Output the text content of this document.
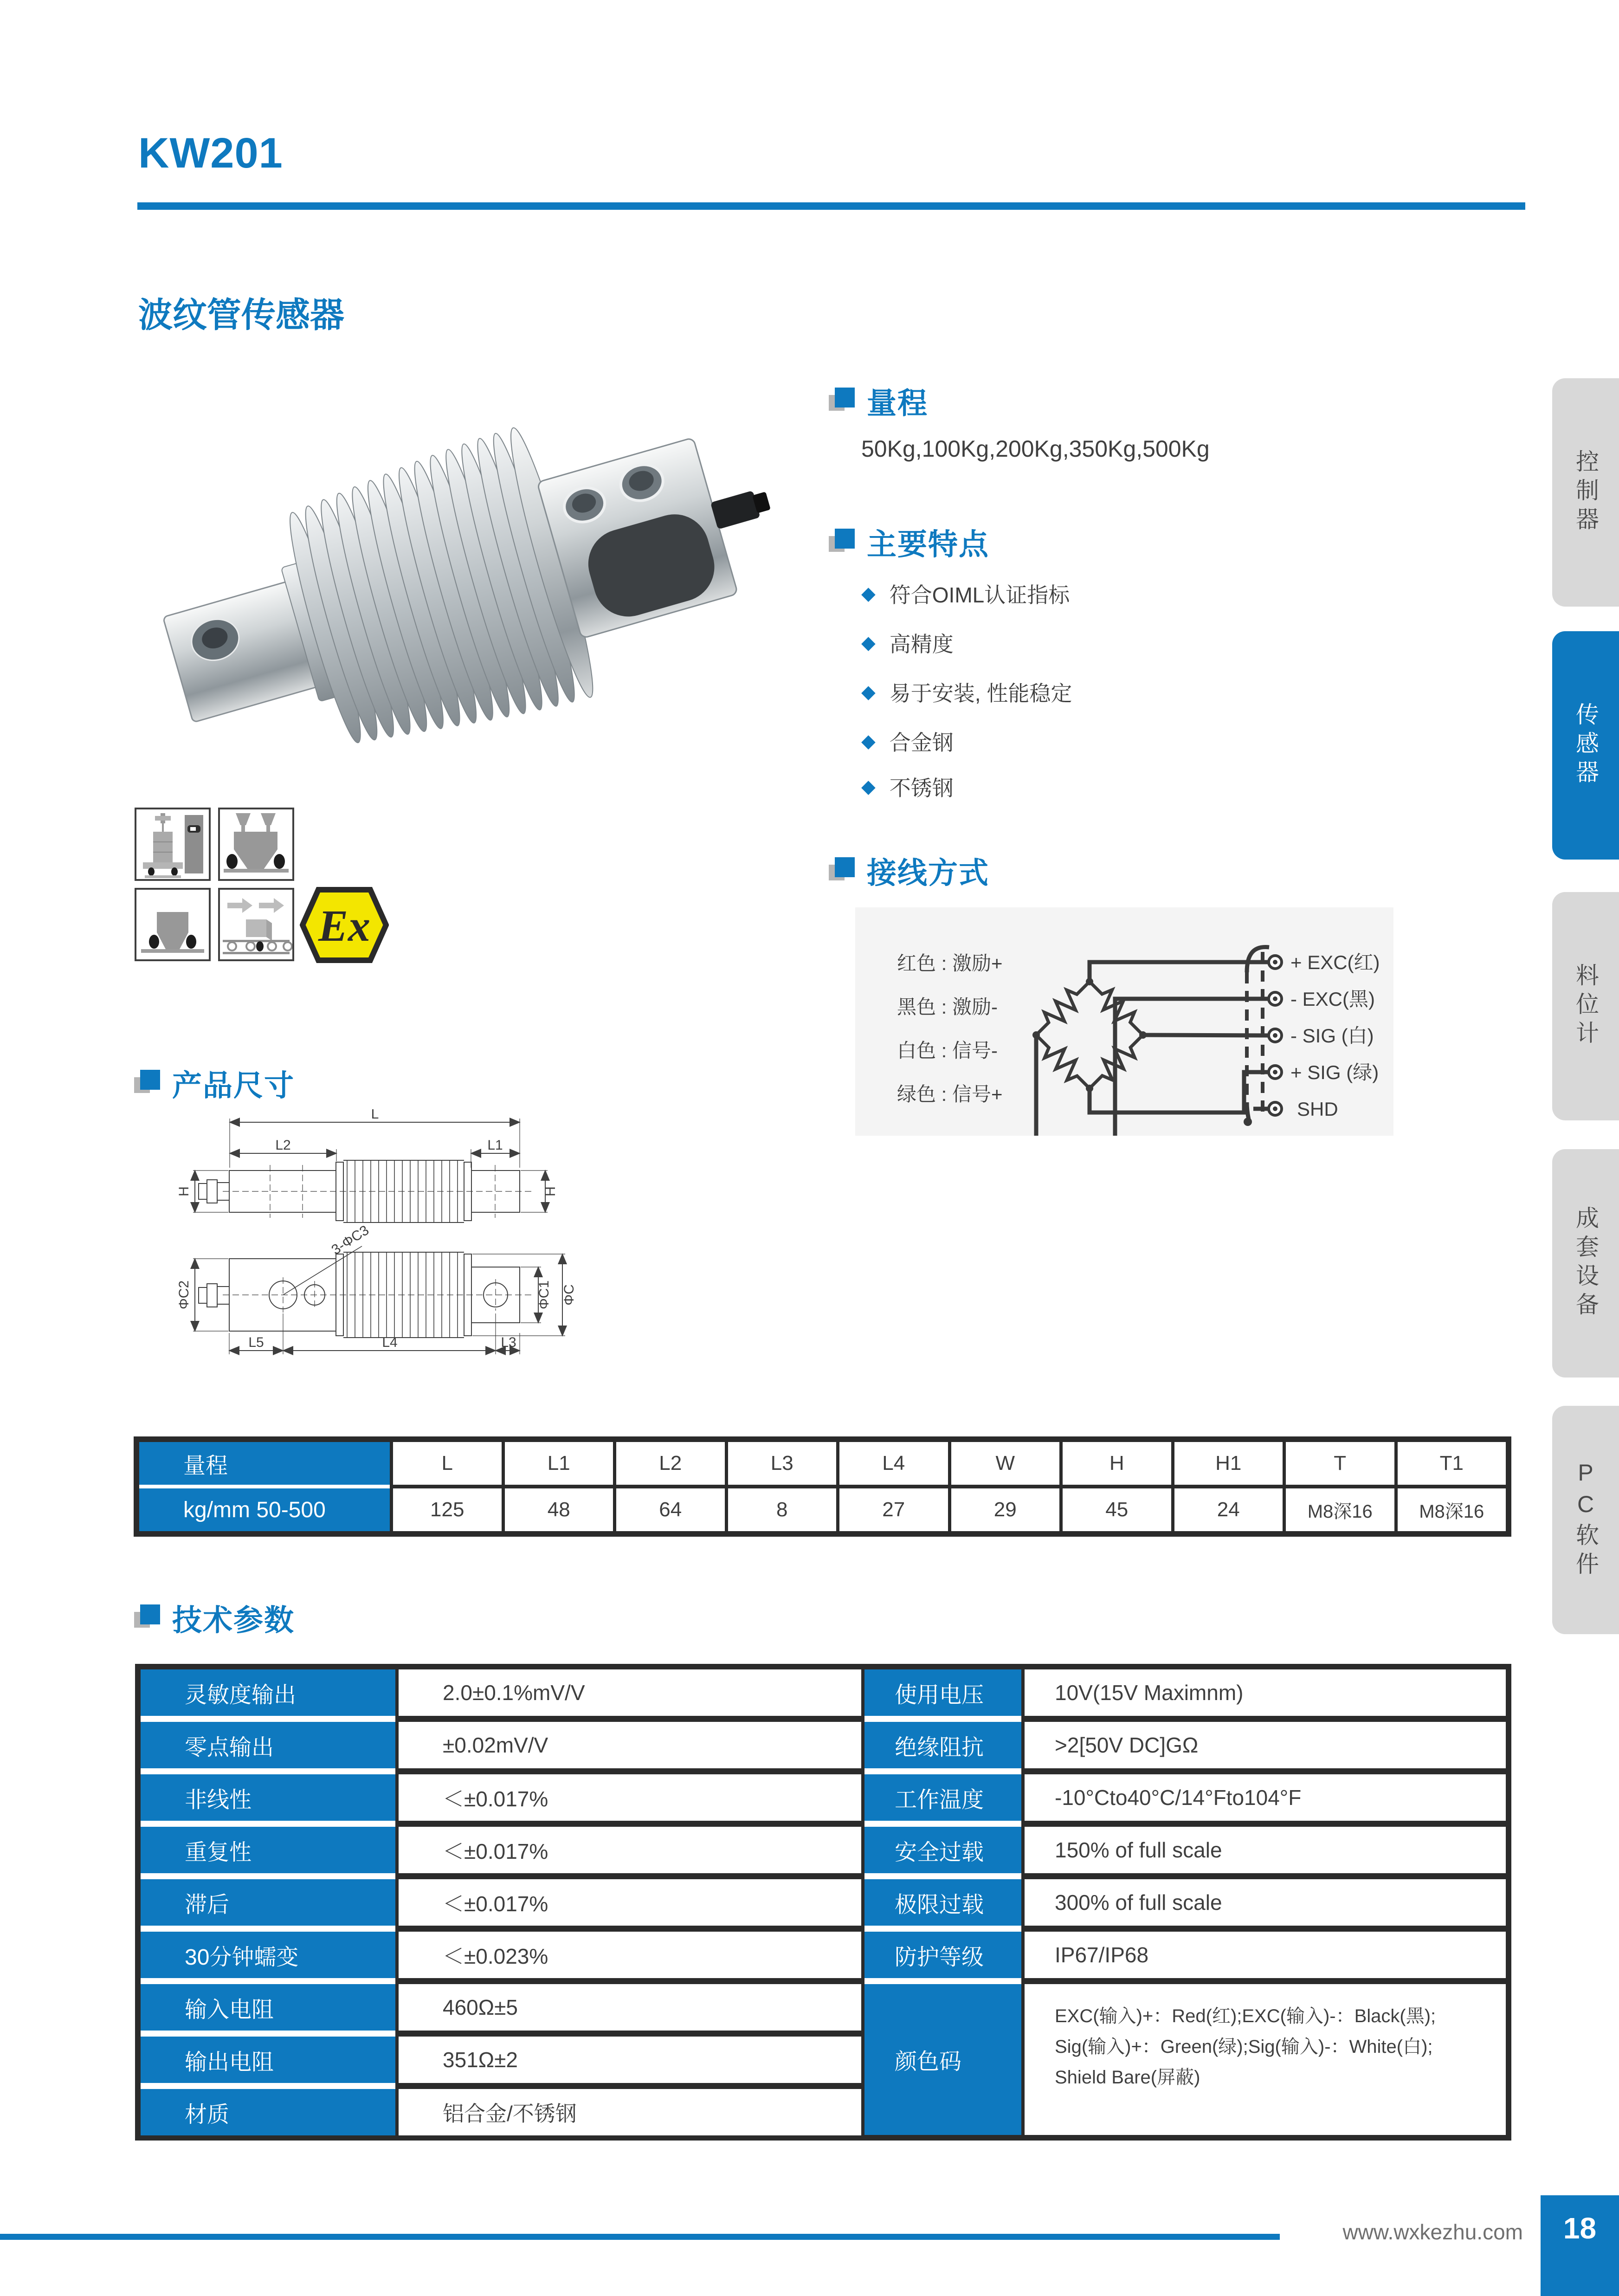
KW201
波纹管传感器
量程
50Kg,100Kg,200Kg,350Kg,500Kg
主要特点
◆ 符合OIML认证指标
◆ 高精度
◆ 易于安装, 性能稳定
◆ 合金钢
◆ 不锈钢
Ex
接线方式
红色 : 激励+
黑色 : 激励-
白色 : 信号-
绿色 : 信号+
+ EXC(红)
- EXC(黑)
- SIG (白)
+ SIG (绿)
SHD
产品尺寸
L
L2	L1
H	H
3-ΦC3
ΦC2	ΦC1 ΦC
L5	L4	L3
量程	L	L1	L2	L3	L4	W	H	H1	T	T1
kg/mm 50-500	125	48	64	8	27	29	45	24	M8深16	M8深16
技术参数
灵敏度输出	2.0±0.1%mV/V
零点输出	±0.02mV/V
非线性	＜±0.017%
重复性	＜±0.017%
滞后	＜±0.017%
30分钟蠕变	＜±0.023%
输入电阻	460Ω±5
输出电阻	351Ω±2
材质	铝合金/不锈钢
使用电压	10V(15V Maximnm)
绝缘阻抗	>2[50V DC]GΩ
工作温度	-10°Cto40°C/14°Fto104°F
安全过载	150% of full scale
极限过载	300% of full scale
防护等级	IP67/IP68
颜色码
EXC(输入)+：Red(红);EXC(输入)-：Black(黑);
Sig(输入)+：Green(绿);Sig(输入)-：White(白);
Shield Bare(屏蔽)
控制器
传感器
料位计
成套设备
PC软件
www.wxkezhu.com 18
